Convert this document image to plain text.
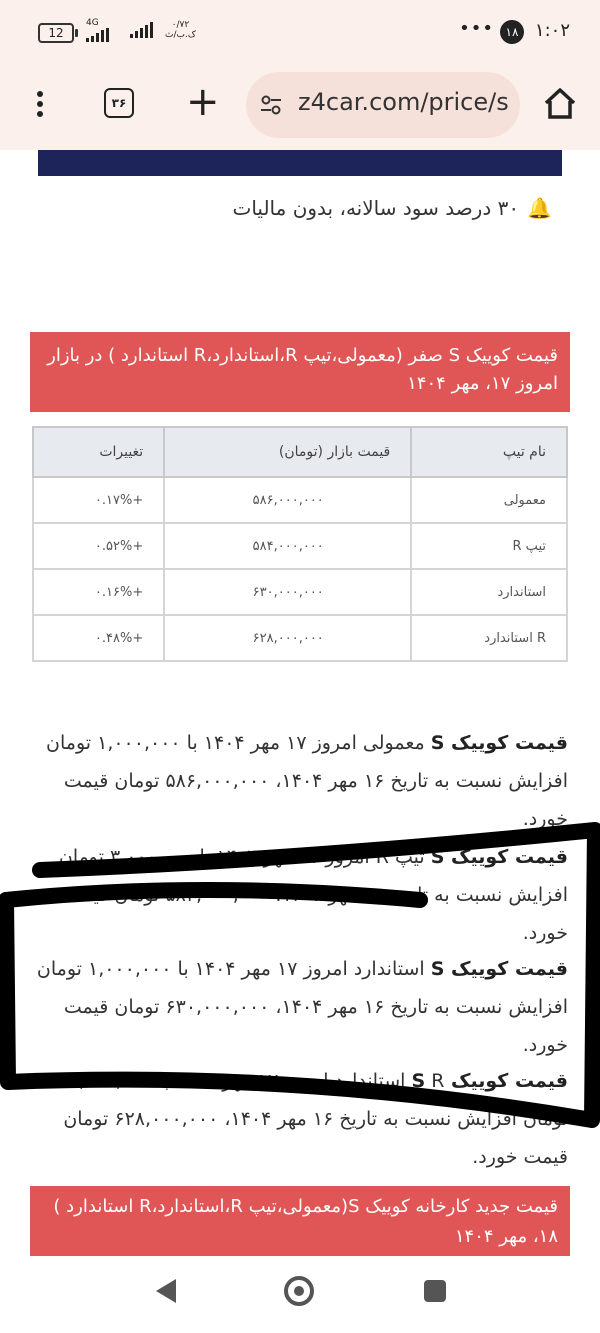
12
4G	۰/۷۲
ک.ب/ث	••• ۱۸ ۱:۰۲
۳۶ +	z4car.com/price/s
🔔۳۰ درصد سود سالانه، بدون مالیات
قیمت کوییک S صفر (معمولی،تیپ R،استاندارد،R استاندارد ) در بازار امروز ۱۷، مهر ۱۴۰۴
نام تیپ	قیمت بازار (تومان)	تغییرات
معمولی	۵۸۶,۰۰۰,۰۰۰	+۰.۱۷%
تیپ R	۵۸۴,۰۰۰,۰۰۰	+۰.۵۲%
استاندارد	۶۳۰,۰۰۰,۰۰۰	+۰.۱۶%
R استاندارد	۶۲۸,۰۰۰,۰۰۰	+۰.۴۸%
قیمت کوییک S معمولی امروز ۱۷ مهر ۱۴۰۴ با ۱,۰۰۰,۰۰۰ تومان افزایش نسبت به تاریخ ۱۶ مهر ۱۴۰۴، ۵۸۶,۰۰۰,۰۰۰ تومان قیمت خورد.
قیمت کوییک S تیپ R امروز ۱۷ مهر ۱۴۰۴ با ۳,۰۰۰,۰۰۰ تومان افزایش نسبت به تاریخ ۱۶ مهر ۱۴۰۴، ۵۸۴,۰۰۰,۰۰۰ تومان قیمت خورد.
قیمت کوییک S استاندارد امروز ۱۷ مهر ۱۴۰۴ با ۱,۰۰۰,۰۰۰ تومان افزایش نسبت به تاریخ ۱۶ مهر ۱۴۰۴، ۶۳۰,۰۰۰,۰۰۰ تومان قیمت خورد.
قیمت کوییک S R استاندارد امروز ۱۷ مهر ۱۴۰۴ با ۳,۰۰۰,۰۰۰ تومان افزایش نسبت به تاریخ ۱۶ مهر ۱۴۰۴، ۶۲۸,۰۰۰,۰۰۰ تومان قیمت خورد.
قیمت جدید کارخانه کوییک S(معمولی،تیپ R،استاندارد،R استاندارد ) ۱۸، مهر ۱۴۰۴
